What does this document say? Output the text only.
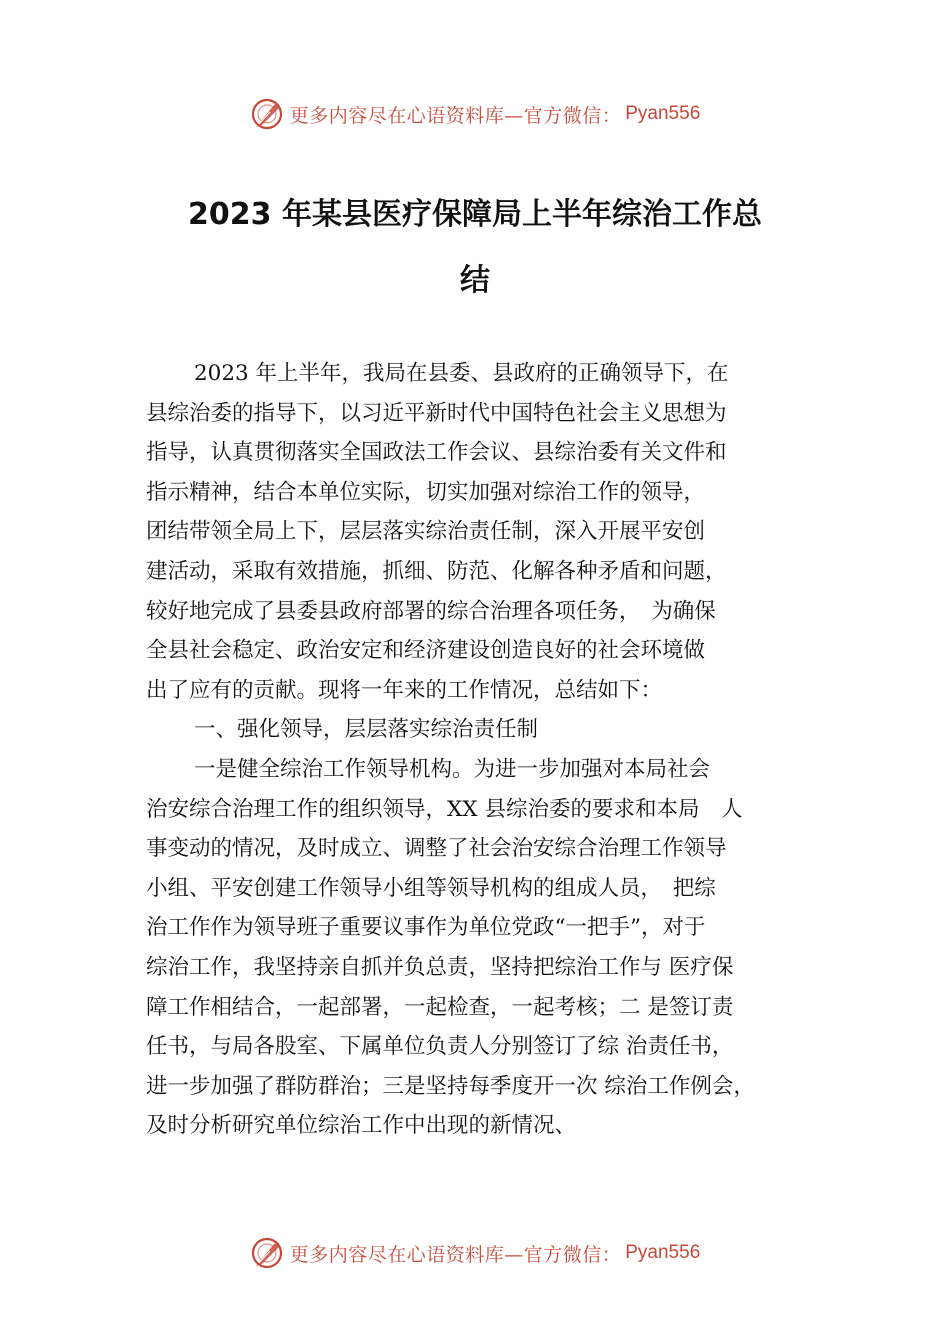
更多内容尽在心语资料库—官方微信： Pyan556
2023 年某县医疗保障局上半年综治工作总
结
2023 年上半年，我局在县委、县政府的正确领导下，在
县综治委的指导下，以习近平新时代中国特色社会主义思想为
指导，认真贯彻落实全国政法工作会议、县综治委有关文件和
指示精神，结合本单位实际，切实加强对综治工作的领导，
团结带领全局上下，层层落实综治责任制，深入开展平安创
建活动，采取有效措施，抓细、防范、化解各种矛盾和问题，
较好地完成了县委县政府部署的综合治理各项任务，　为确保
全县社会稳定、政治安定和经济建设创造良好的社会环境做
出了应有的贡献。现将一年来的工作情况，总结如下：
一、强化领导，层层落实综治责任制
一是健全综治工作领导机构。为进一步加强对本局社会
治安综合治理工作的组织领导，XX 县综治委的要求和本局　人
事变动的情况，及时成立、调整了社会治安综合治理工作领导
小组、平安创建工作领导小组等领导机构的组成人员，　把综
治工作作为领导班子重要议事作为单位党政“一把手”，对于
综治工作，我坚持亲自抓并负总责，坚持把综治工作与 医疗保
障工作相结合，一起部署，一起检查，一起考核；二 是签订责
任书，与局各股室、下属单位负责人分别签订了综 治责任书，
进一步加强了群防群治；三是坚持每季度开一次 综治工作例会，
及时分析研究单位综治工作中出现的新情况、
更多内容尽在心语资料库—官方微信： Pyan556
